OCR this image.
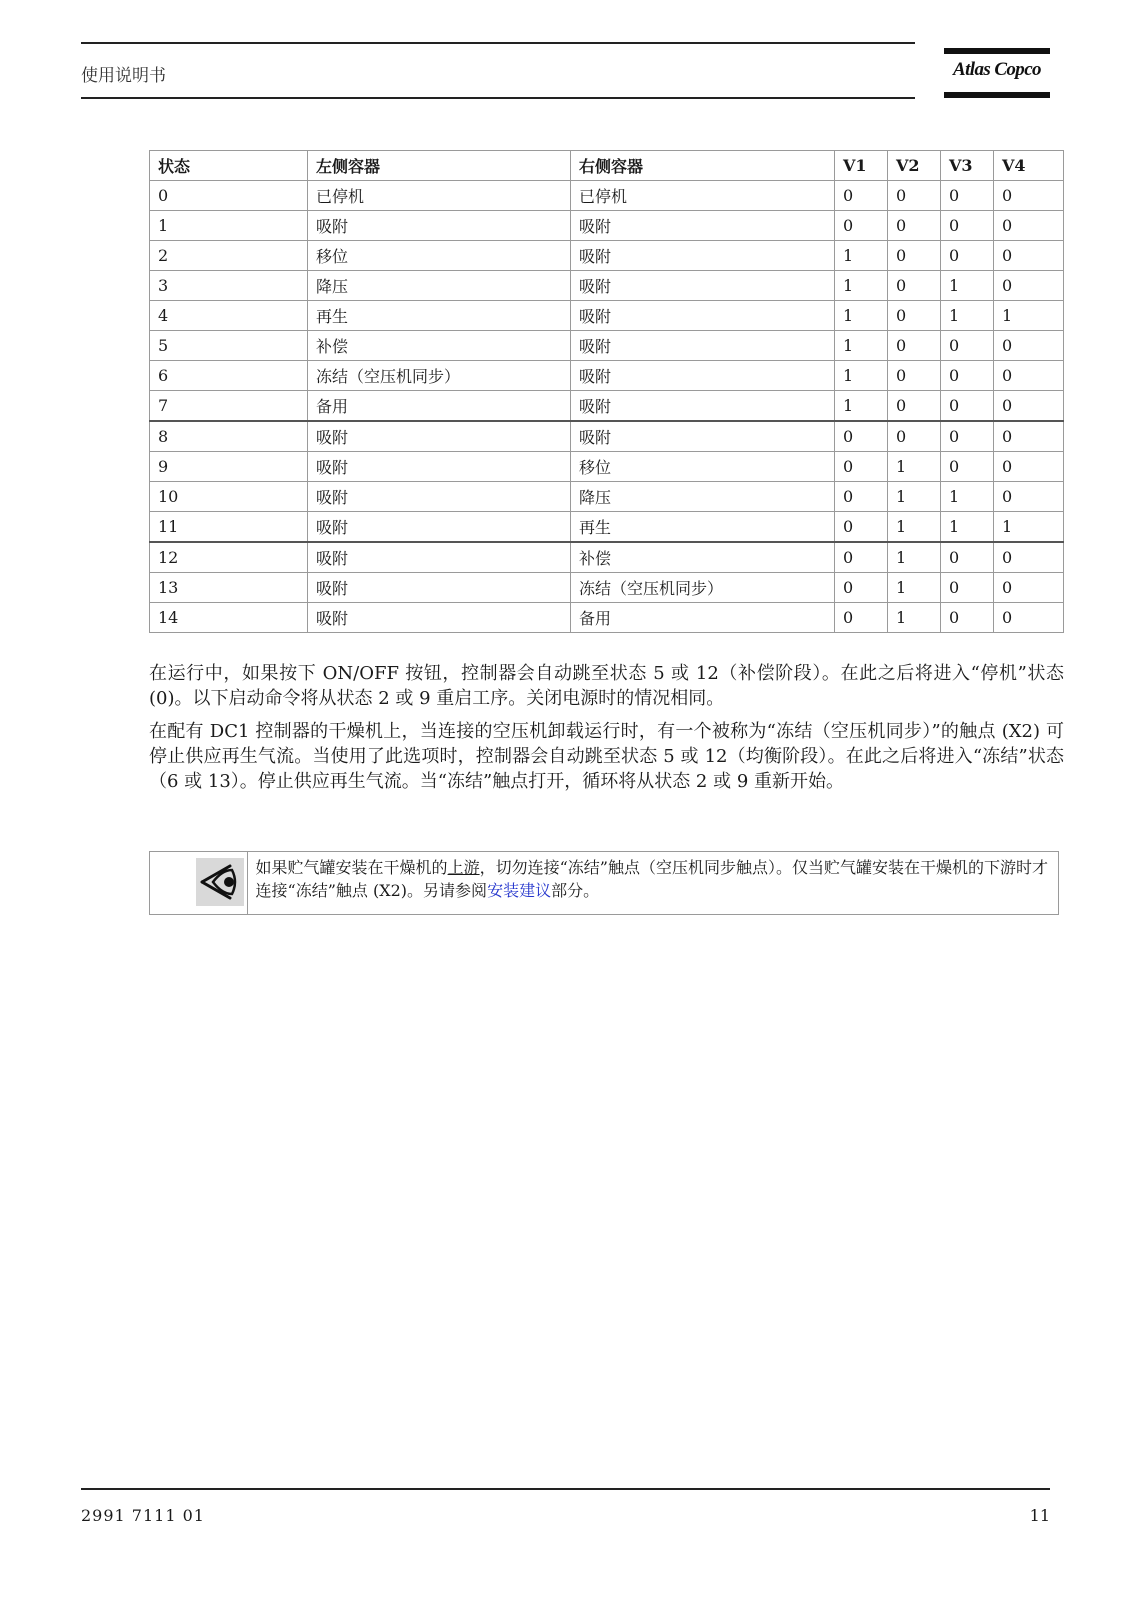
使用说明书	Atlas Copco
状态	左侧容器	右侧容器	V1	V2	V3	V4
0	已停机	已停机	0	0	0	0
1	吸附	吸附	0	0	0	0
2	移位	吸附	1	0	0	0
3	降压	吸附	1	0	1	0
4	再生	吸附	1	0	1	1
5	补偿	吸附	1	0	0	0
6	冻结（空压机同步）	吸附	1	0	0	0
7	备用	吸附	1	0	0	0
8	吸附	吸附	0	0	0	0
9	吸附	移位	0	1	0	0
10	吸附	降压	0	1	1	0
11	吸附	再生	0	1	1	1
12	吸附	补偿	0	1	0	0
13	吸附	冻结（空压机同步）	0	1	0	0
14	吸附	备用	0	1	0	0
在运行中，如果按下 ON/OFF 按钮，控制器会自动跳至状态 5 或 12（补偿阶段）。在此之后将进入“停机”状态 (0)。以下启动命令将从状态 2 或 9 重启工序。关闭电源时的情况相同。
在配有 DC1 控制器的干燥机上，当连接的空压机卸载运行时，有一个被称为“冻结（空压机同步）”的触点 (X2) 可停止供应再生气流。当使用了此选项时，控制器会自动跳至状态 5 或 12（均衡阶段）。在此之后将进入“冻结”状态（6 或 13）。停止供应再生气流。当“冻结”触点打开，循环将从状态 2 或 9 重新开始。
如果贮气罐安装在干燥机的上游，切勿连接“冻结”触点（空压机同步触点）。仅当贮气罐安装在干燥机的下游时才连接“冻结”触点 (X2)。另请参阅安装建议部分。
2991 7111 01	11
